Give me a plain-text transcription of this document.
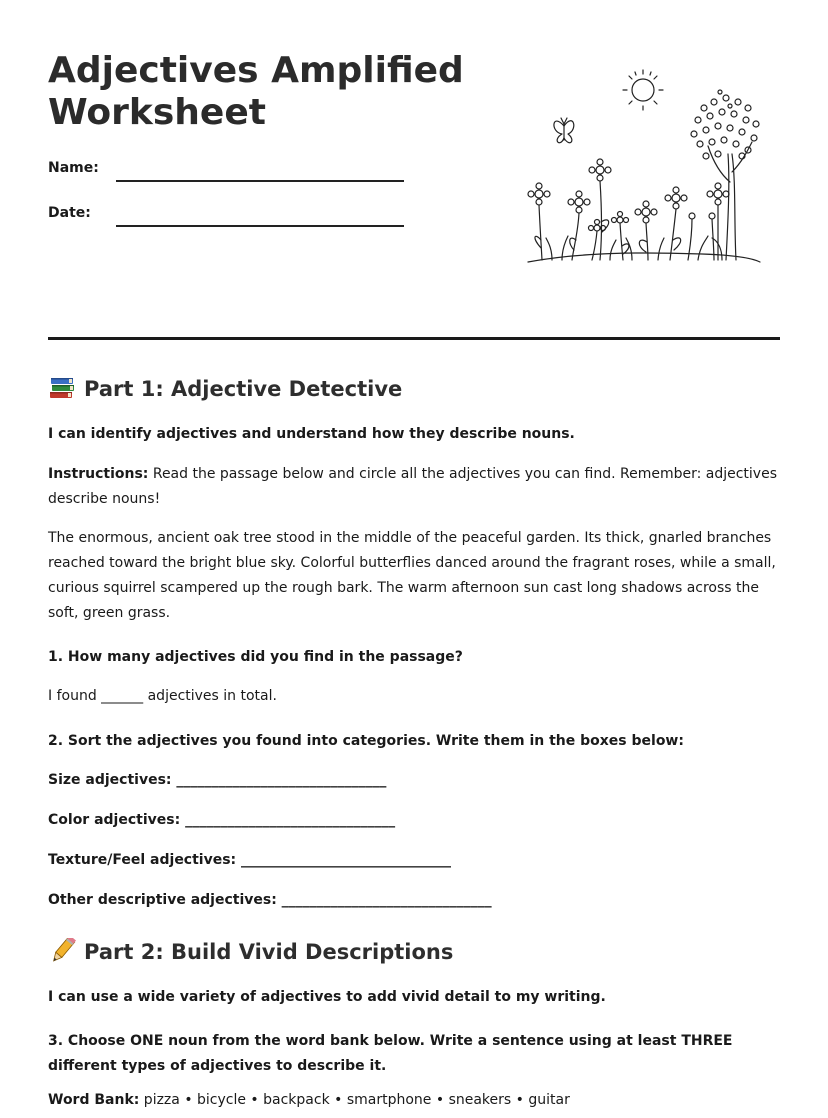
Adjectives Amplified
Worksheet
Name:
Date:
Part 1: Adjective Detective

I can identify adjectives and understand how they describe nouns.

Instructions: Read the passage below and circle all the adjectives you can find. Remember: adjectives describe nouns!

The enormous, ancient oak tree stood in the middle of the peaceful garden. Its thick, gnarled branches reached toward the bright blue sky. Colorful butterflies danced around the fragrant roses, while a small, curious squirrel scampered up the rough bark. The warm afternoon sun cast long shadows across the soft, green grass.

1. How many adjectives did you find in the passage?

I found ______ adjectives in total.

2. Sort the adjectives you found into categories. Write them in the boxes below:

Size adjectives: ______________________________

Color adjectives: ______________________________

Texture/Feel adjectives: ______________________________

Other descriptive adjectives: ______________________________

Part 2: Build Vivid Descriptions

I can use a wide variety of adjectives to add vivid detail to my writing.

3. Choose ONE noun from the word bank below. Write a sentence using at least THREE different types of adjectives to describe it.

Word Bank: pizza • bicycle • backpack • smartphone • sneakers • guitar
